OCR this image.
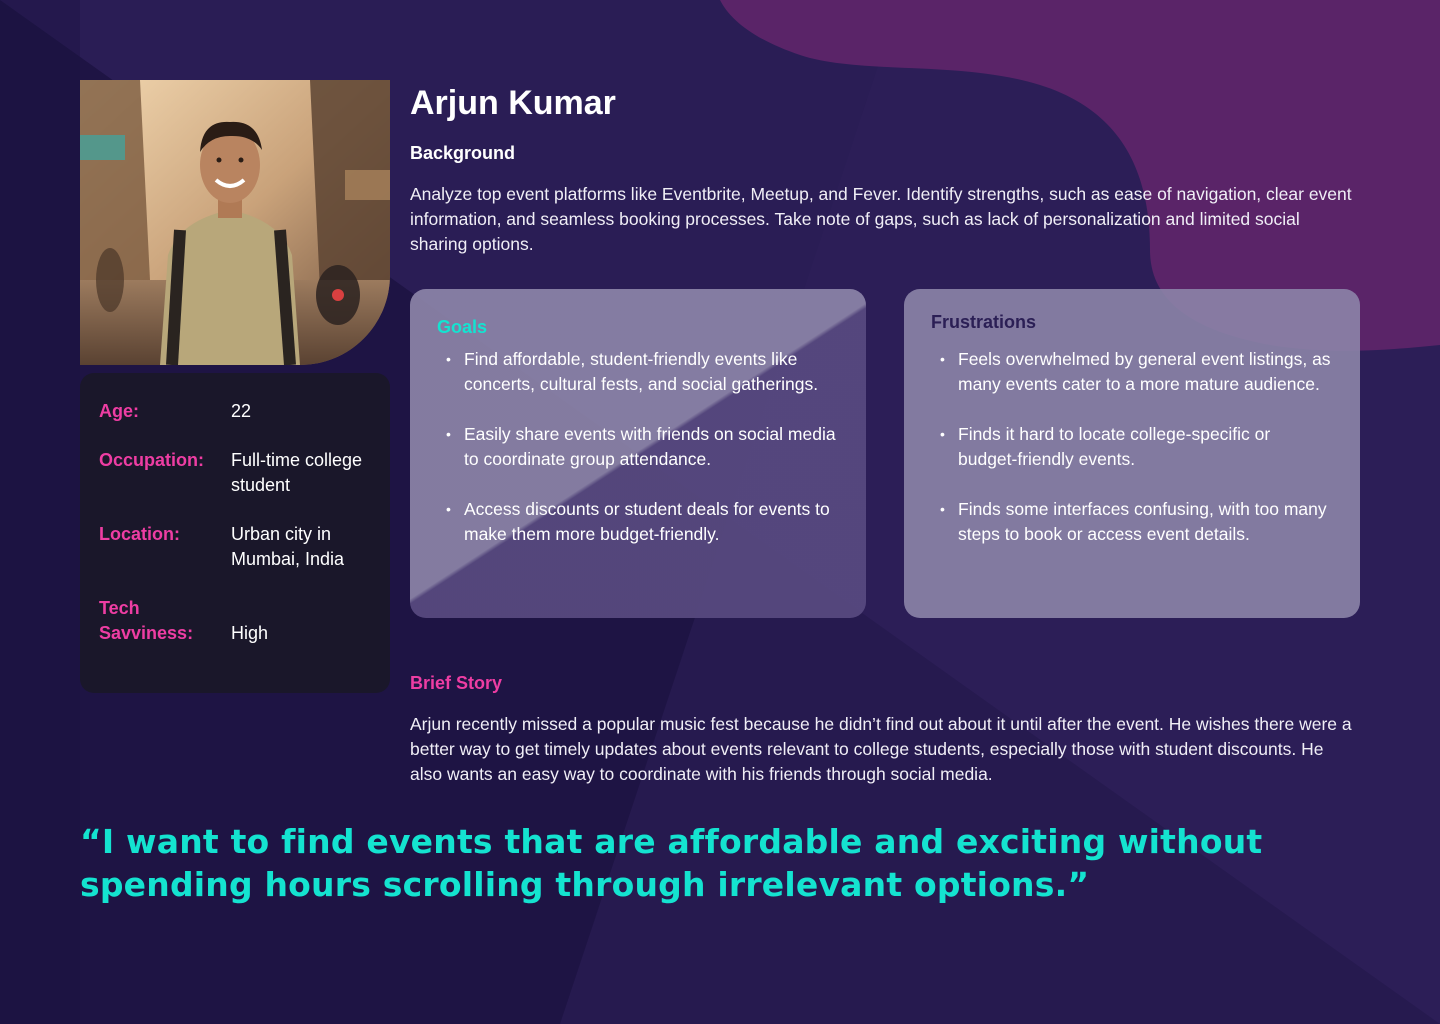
Age:	22
Occupation:	Full-time college student
Location:	Urban city in Mumbai, India
Tech Savviness:	High
Arjun Kumar
Background

Analyze top event platforms like Eventbrite, Meetup, and Fever. Identify strengths, such as ease of navigation, clear event information, and seamless booking processes. Take note of gaps, such as lack of personalization and limited social sharing options.

Goals
• Find affordable, student-friendly events like concerts, cultural fests, and social gatherings.
• Easily share events with friends on social media to coordinate group attendance.
• Access discounts or student deals for events to make them more budget-friendly.
Frustrations
• Feels overwhelmed by general event listings, as many events cater to a more mature audience.
• Finds it hard to locate college-specific or budget-friendly events.
• Finds some interfaces confusing, with too many steps to book or access event details.
Brief Story

Arjun recently missed a popular music fest because he didn’t find out about it until after the event. He wishes there were a better way to get timely updates about events relevant to college students, especially those with student discounts. He also wants an easy way to coordinate with his friends through social media.

“I want to find events that are affordable and exciting without spending hours scrolling through irrelevant options.”
